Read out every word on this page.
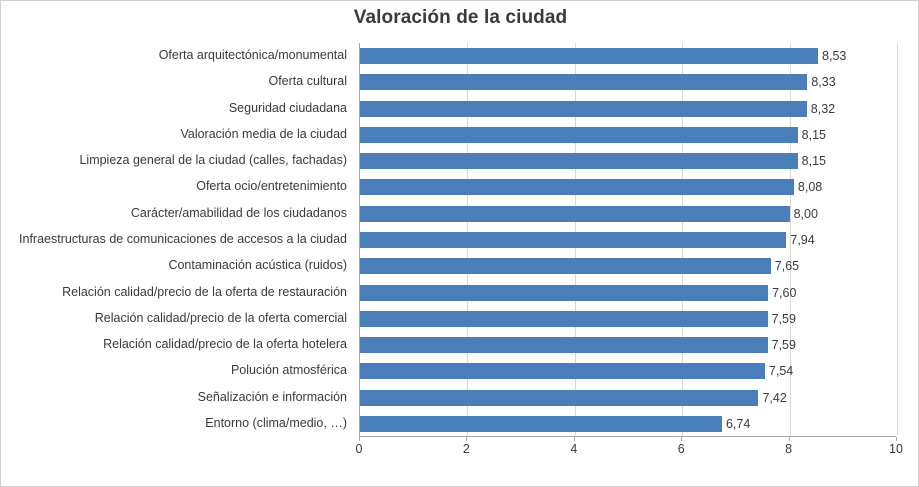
Valoración de la ciudad
Oferta arquitectónica/monumental
Oferta cultural
Seguridad ciudadana
Valoración media de la ciudad
Limpieza general de la ciudad (calles, fachadas)
Oferta ocio/entretenimiento
Carácter/amabilidad de los ciudadanos
Infraestructuras de comunicaciones de accesos a la ciudad
Contaminación acústica (ruidos)
Relación calidad/precio de la oferta de restauración
Relación calidad/precio de la oferta comercial
Relación calidad/precio de la oferta hotelera
Polución atmosférica
Señalización e información
Entorno (clima/medio, …)
8,53
8,33
8,32
8,15
8,15
8,08
8,00
7,94
7,65
7,60
7,59
7,59
7,54
7,42
6,74
0	2	4	6	8	10
